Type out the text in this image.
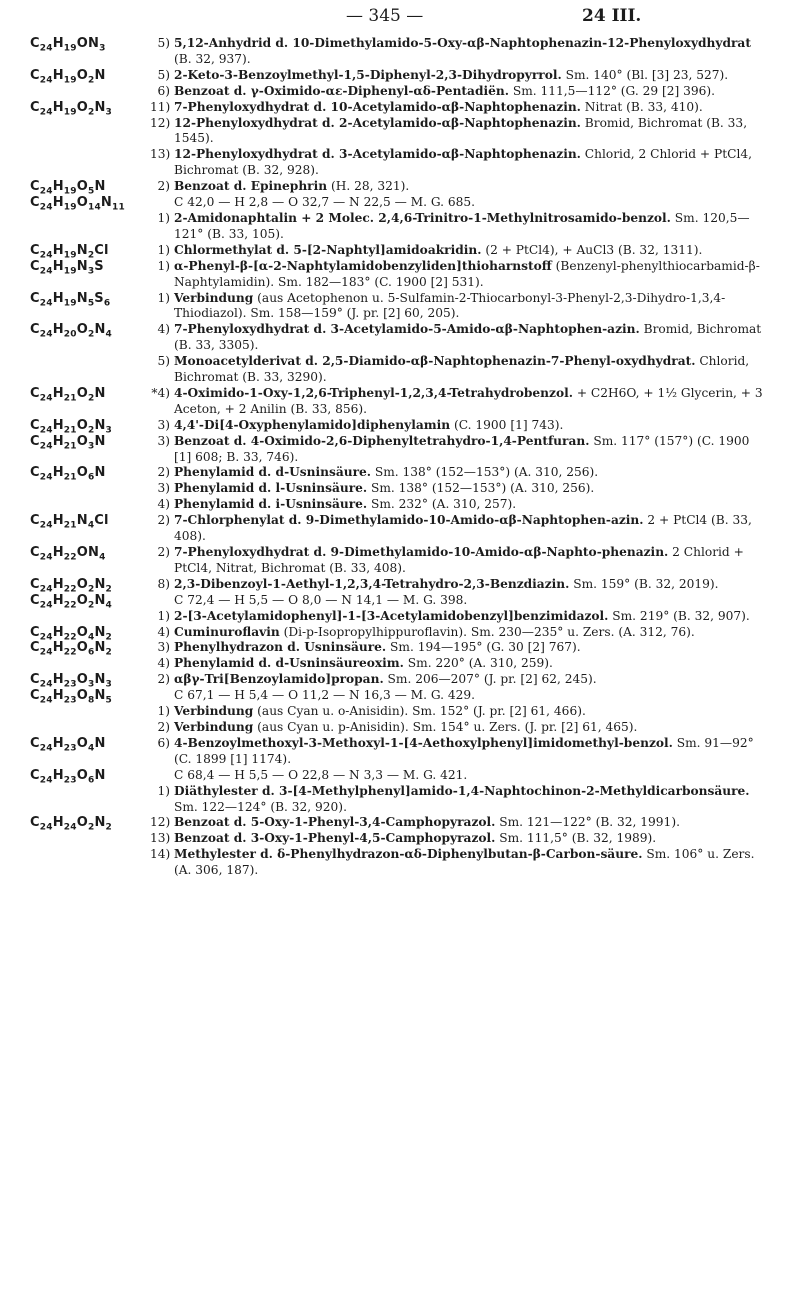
— 345 —	24 III.
$C_{24}H_{19}ON_3$	5) 5,12-Anhydrid d. 10-Dimethylamido-5-Oxy-αβ-Naphtophenazin-12-Phenyloxydhydrat (B. 32, 937).
$C_{24}H_{19}O_2N$	5) 2-Keto-3-Benzoylmethyl-1,5-Diphenyl-2,3-Dihydropyrrol. Sm. 140° (Bl. [3] 23, 527).
6) Benzoat d. γ-Oximido-αε-Diphenyl-αδ-Pentadiën. Sm. 111,5—112° (G. 29 [2] 396).
$C_{24}H_{19}O_2N_3$	11) 7-Phenyloxydhydrat d. 10-Acetylamido-αβ-Naphtophenazin. Nitrat (B. 33, 410).
12) 12-Phenyloxydhydrat d. 2-Acetylamido-αβ-Naphtophenazin. Bromid, Bichromat (B. 33, 1545).
13) 12-Phenyloxydhydrat d. 3-Acetylamido-αβ-Naphtophenazin. Chlorid, 2 Chlorid + PtCl4, Bichromat (B. 32, 928).
$C_{24}H_{19}O_5N$	2) Benzoat d. Epinephrin (H. 28, 321).
$C_{24}H_{19}O_{14}N_{11}$	C 42,0 — H 2,8 — O 32,7 — N 22,5 — M. G. 685.
1) 2-Amidonaphtalin + 2 Molec. 2,4,6-Trinitro-1-Methylnitrosamido-benzol. Sm. 120,5—121° (B. 33, 105).
$C_{24}H_{19}N_2Cl$	1) Chlormethylat d. 5-[2-Naphtyl]amidoakridin. (2 + PtCl4), + AuCl3 (B. 32, 1311).
$C_{24}H_{19}N_3S$	1) α-Phenyl-β-[α-2-Naphtylamidobenzyliden]thioharnstoff (Benzenyl-phenylthiocarbamid-β-Naphtylamidin). Sm. 182—183° (C. 1900 [2] 531).
$C_{24}H_{19}N_5S_6$	1) Verbindung (aus Acetophenon u. 5-Sulfamin-2-Thiocarbonyl-3-Phenyl-2,3-Dihydro-1,3,4-Thiodiazol). Sm. 158—159° (J. pr. [2] 60, 205).
$C_{24}H_{20}O_2N_4$	4) 7-Phenyloxydhydrat d. 3-Acetylamido-5-Amido-αβ-Naphtophen-azin. Bromid, Bichromat (B. 33, 3305).
5) Monoacetylderivat d. 2,5-Diamido-αβ-Naphtophenazin-7-Phenyl-oxydhydrat. Chlorid, Bichromat (B. 33, 3290).
$C_{24}H_{21}O_2N$	*4) 4-Oximido-1-Oxy-1,2,6-Triphenyl-1,2,3,4-Tetrahydrobenzol. + C2H6O, + 1½ Glycerin, + 3 Aceton, + 2 Anilin (B. 33, 856).
$C_{24}H_{21}O_2N_3$	3) 4,4'-Di[4-Oxyphenylamido]diphenylamin (C. 1900 [1] 743).
$C_{24}H_{21}O_3N$	3) Benzoat d. 4-Oximido-2,6-Diphenyltetrahydro-1,4-Pentfuran. Sm. 117° (157°) (C. 1900 [1] 608; B. 33, 746).
$C_{24}H_{21}O_6N$	2) Phenylamid d. d-Usninsäure. Sm. 138° (152—153°) (A. 310, 256).
3) Phenylamid d. l-Usninsäure. Sm. 138° (152—153°) (A. 310, 256).
4) Phenylamid d. i-Usninsäure. Sm. 232° (A. 310, 257).
$C_{24}H_{21}N_4Cl$	2) 7-Chlorphenylat d. 9-Dimethylamido-10-Amido-αβ-Naphtophen-azin. 2 + PtCl4 (B. 33, 408).
$C_{24}H_{22}ON_4$	2) 7-Phenyloxydhydrat d. 9-Dimethylamido-10-Amido-αβ-Naphto-phenazin. 2 Chlorid + PtCl4, Nitrat, Bichromat (B. 33, 408).
$C_{24}H_{22}O_2N_2$	8) 2,3-Dibenzoyl-1-Aethyl-1,2,3,4-Tetrahydro-2,3-Benzdiazin. Sm. 159° (B. 32, 2019).
$C_{24}H_{22}O_2N_4$	C 72,4 — H 5,5 — O 8,0 — N 14,1 — M. G. 398.
1) 2-[3-Acetylamidophenyl]-1-[3-Acetylamidobenzyl]benzimidazol. Sm. 219° (B. 32, 907).
$C_{24}H_{22}O_4N_2$	4) Cuminuroflavin (Di-p-Isopropylhippuroflavin). Sm. 230—235° u. Zers. (A. 312, 76).
$C_{24}H_{22}O_6N_2$	3) Phenylhydrazon d. Usninsäure. Sm. 194—195° (G. 30 [2] 767).
4) Phenylamid d. d-Usninsäureoxim. Sm. 220° (A. 310, 259).
$C_{24}H_{23}O_3N_3$	2) αβγ-Tri[Benzoylamido]propan. Sm. 206—207° (J. pr. [2] 62, 245).
$C_{24}H_{23}O_8N_5$	C 67,1 — H 5,4 — O 11,2 — N 16,3 — M. G. 429.
1) Verbindung (aus Cyan u. o-Anisidin). Sm. 152° (J. pr. [2] 61, 466).
2) Verbindung (aus Cyan u. p-Anisidin). Sm. 154° u. Zers. (J. pr. [2] 61, 465).
$C_{24}H_{23}O_4N$	6) 4-Benzoylmethoxyl-3-Methoxyl-1-[4-Aethoxylphenyl]imidomethyl-benzol. Sm. 91—92° (C. 1899 [1] 1174).
$C_{24}H_{23}O_6N$	C 68,4 — H 5,5 — O 22,8 — N 3,3 — M. G. 421.
1) Diäthylester d. 3-[4-Methylphenyl]amido-1,4-Naphtochinon-2-Methyldicarbonsäure. Sm. 122—124° (B. 32, 920).
$C_{24}H_{24}O_2N_2$	12) Benzoat d. 5-Oxy-1-Phenyl-3,4-Camphopyrazol. Sm. 121—122° (B. 32, 1991).
13) Benzoat d. 3-Oxy-1-Phenyl-4,5-Camphopyrazol. Sm. 111,5° (B. 32, 1989).
14) Methylester d. δ-Phenylhydrazon-αδ-Diphenylbutan-β-Carbon-säure. Sm. 106° u. Zers. (A. 306, 187).
